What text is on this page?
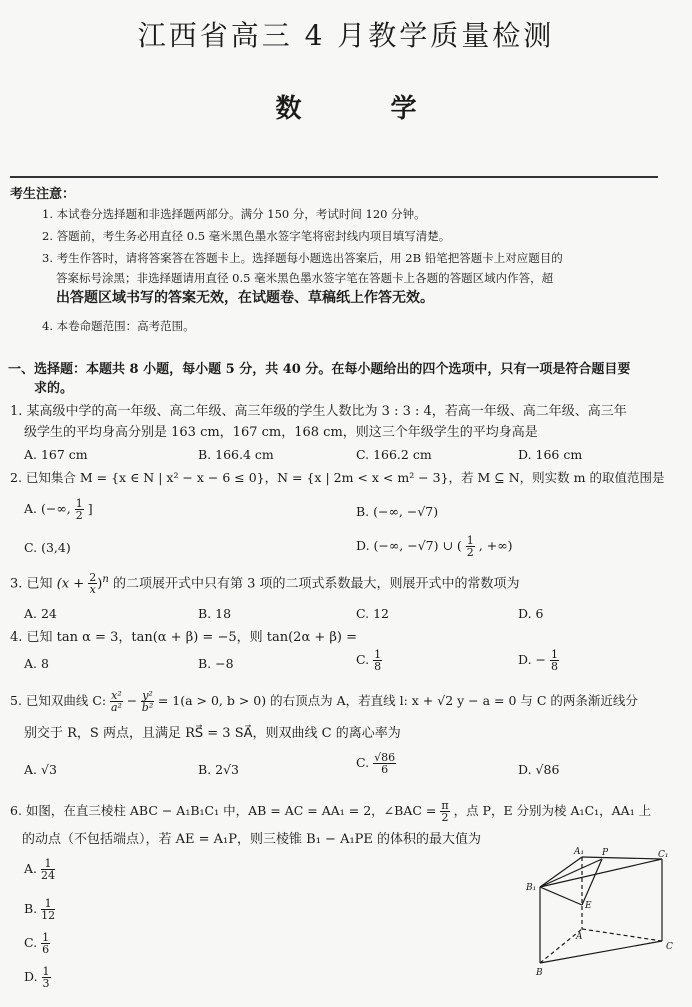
江西省高三 4 月教学质量检测
数 学
考生注意：
1. 本试卷分选择题和非选择题两部分。满分 150 分，考试时间 120 分钟。
2. 答题前，考生务必用直径 0.5 毫米黑色墨水签字笔将密封线内项目填写清楚。
3. 考生作答时，请将答案答在答题卡上。选择题每小题选出答案后，用 2B 铅笔把答题卡上对应题目的
答案标号涂黑；非选择题请用直径 0.5 毫米黑色墨水签字笔在答题卡上各题的答题区域内作答，超
出答题区域书写的答案无效，在试题卷、草稿纸上作答无效。
4. 本卷命题范围：高考范围。
一、选择题：本题共 8 小题，每小题 5 分，共 40 分。在每小题给出的四个选项中，只有一项是符合题目要
求的。
1. 某高级中学的高一年级、高二年级、高三年级的学生人数比为 3 : 3 : 4，若高一年级、高二年级、高三年
级学生的平均身高分别是 163 cm，167 cm，168 cm，则这三个年级学生的平均身高是
A. 167 cm	B. 166.4 cm	C. 166.2 cm	D. 166 cm
2. 已知集合 M = {x ∈ N | x² − x − 6 ≤ 0}，N = {x | 2m < x < m² − 3}，若 M ⊆ N，则实数 m 的取值范围是
A. (−∞, $\frac{1}{2}$ ]	B. (−∞, −√7)
C. (3,4)	D. (−∞, −√7) ∪ ( $\frac{1}{2}$ , +∞)
3. 已知 $(x + \frac{2}{x} )^n$ 的二项展开式中只有第 3 项的二项式系数最大，则展开式中的常数项为
A. 24	B. 18	C. 12	D. 6
4. 已知 tan α = 3，tan(α + β) = −5，则 tan(2α + β) =
A. 8	B. −8	C. $\frac{1}{8}$	D. − $\frac{1}{8}$
5. 已知双曲线 C: $\frac{\text{x²}}{\text{a²}} - \frac{\text{y²}}{\text{b²}} = 1(a > 0$, b > 0) 的右顶点为 A，若直线 l: x + √2 y − a = 0 与 C 的两条渐近线分
别交于 R，S 两点，且满足 RS⃗ = 3 SA⃗，则双曲线 C 的离心率为
A. √3	B. 2√3	C. $\frac{√86}{6}$	D. √86
6. 如图，在直三棱柱 ABC − A₁B₁C₁ 中，AB = AC = AA₁ = 2，∠BAC = $\frac{\pi}{2}$ ，点 P，E 分别为棱 A₁C₁，AA₁ 上
的动点（不包括端点），若 AE = A₁P，则三棱锥 B₁ − A₁PE 的体积的最大值为
A. $\frac{1}{24}$
B. $\frac{1}{12}$
C. $\frac{1}{6}$
D. $\frac{1}{3}$
A₁ P	C₁
B₁
E
A
C
B
